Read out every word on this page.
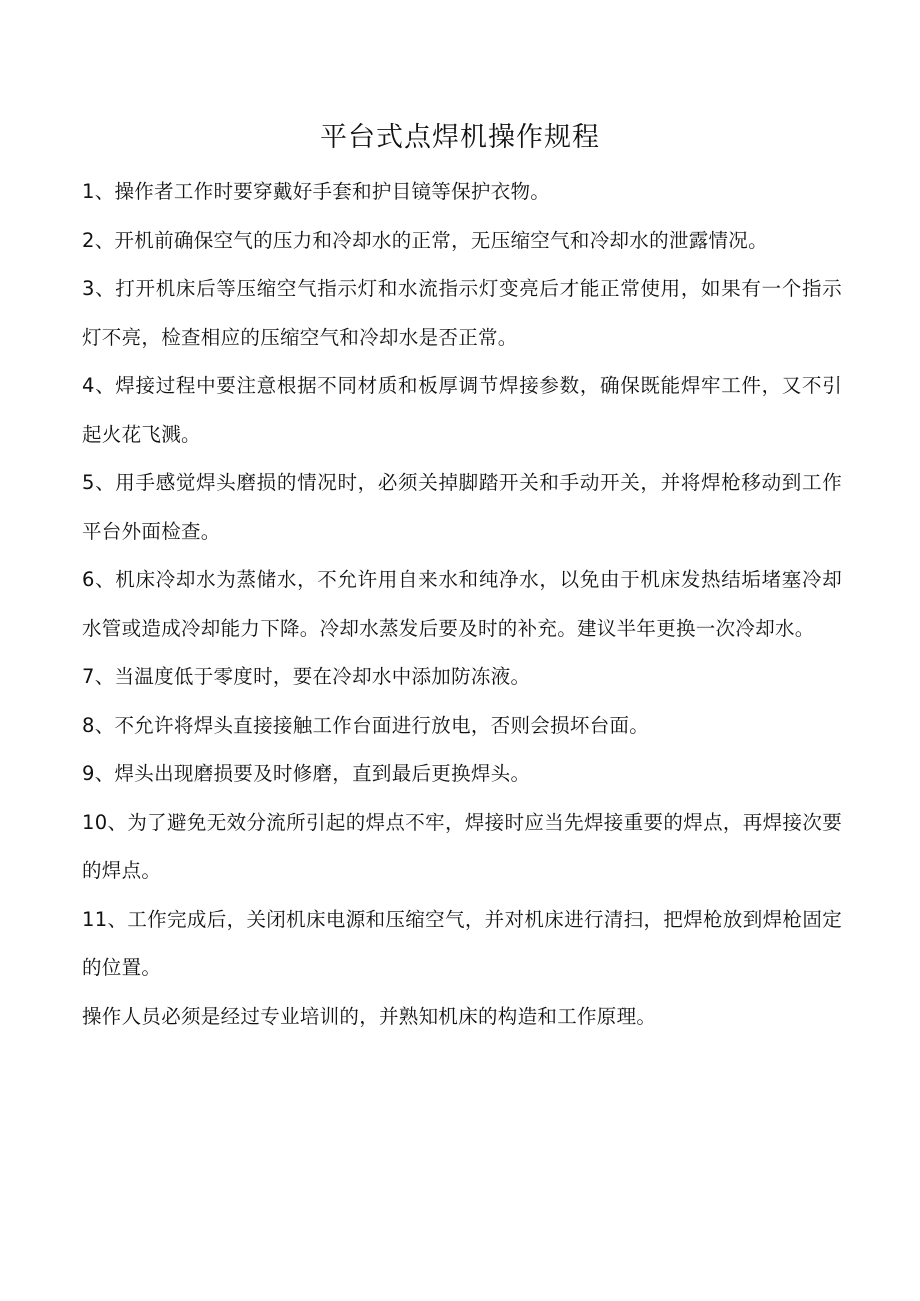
平台式点焊机操作规程

1、操作者工作时要穿戴好手套和护目镜等保护衣物。

2、开机前确保空气的压力和冷却水的正常，无压缩空气和冷却水的泄露情况。

3、打开机床后等压缩空气指示灯和水流指示灯变亮后才能正常使用，如果有一个指示灯不亮，检查相应的压缩空气和冷却水是否正常。

4、焊接过程中要注意根据不同材质和板厚调节焊接参数，确保既能焊牢工件，又不引起火花飞溅。

5、用手感觉焊头磨损的情况时，必须关掉脚踏开关和手动开关，并将焊枪移动到工作平台外面检查。

6、机床冷却水为蒸储水，不允许用自来水和纯净水，以免由于机床发热结垢堵塞冷却水管或造成冷却能力下降。冷却水蒸发后要及时的补充。建议半年更换一次冷却水。

7、当温度低于零度时，要在冷却水中添加防冻液。

8、不允许将焊头直接接触工作台面进行放电，否则会损坏台面。

9、焊头出现磨损要及时修磨，直到最后更换焊头。

10、为了避免无效分流所引起的焊点不牢，焊接时应当先焊接重要的焊点，再焊接次要的焊点。

11、工作完成后，关闭机床电源和压缩空气，并对机床进行清扫，把焊枪放到焊枪固定的位置。

操作人员必须是经过专业培训的，并熟知机床的构造和工作原理。
